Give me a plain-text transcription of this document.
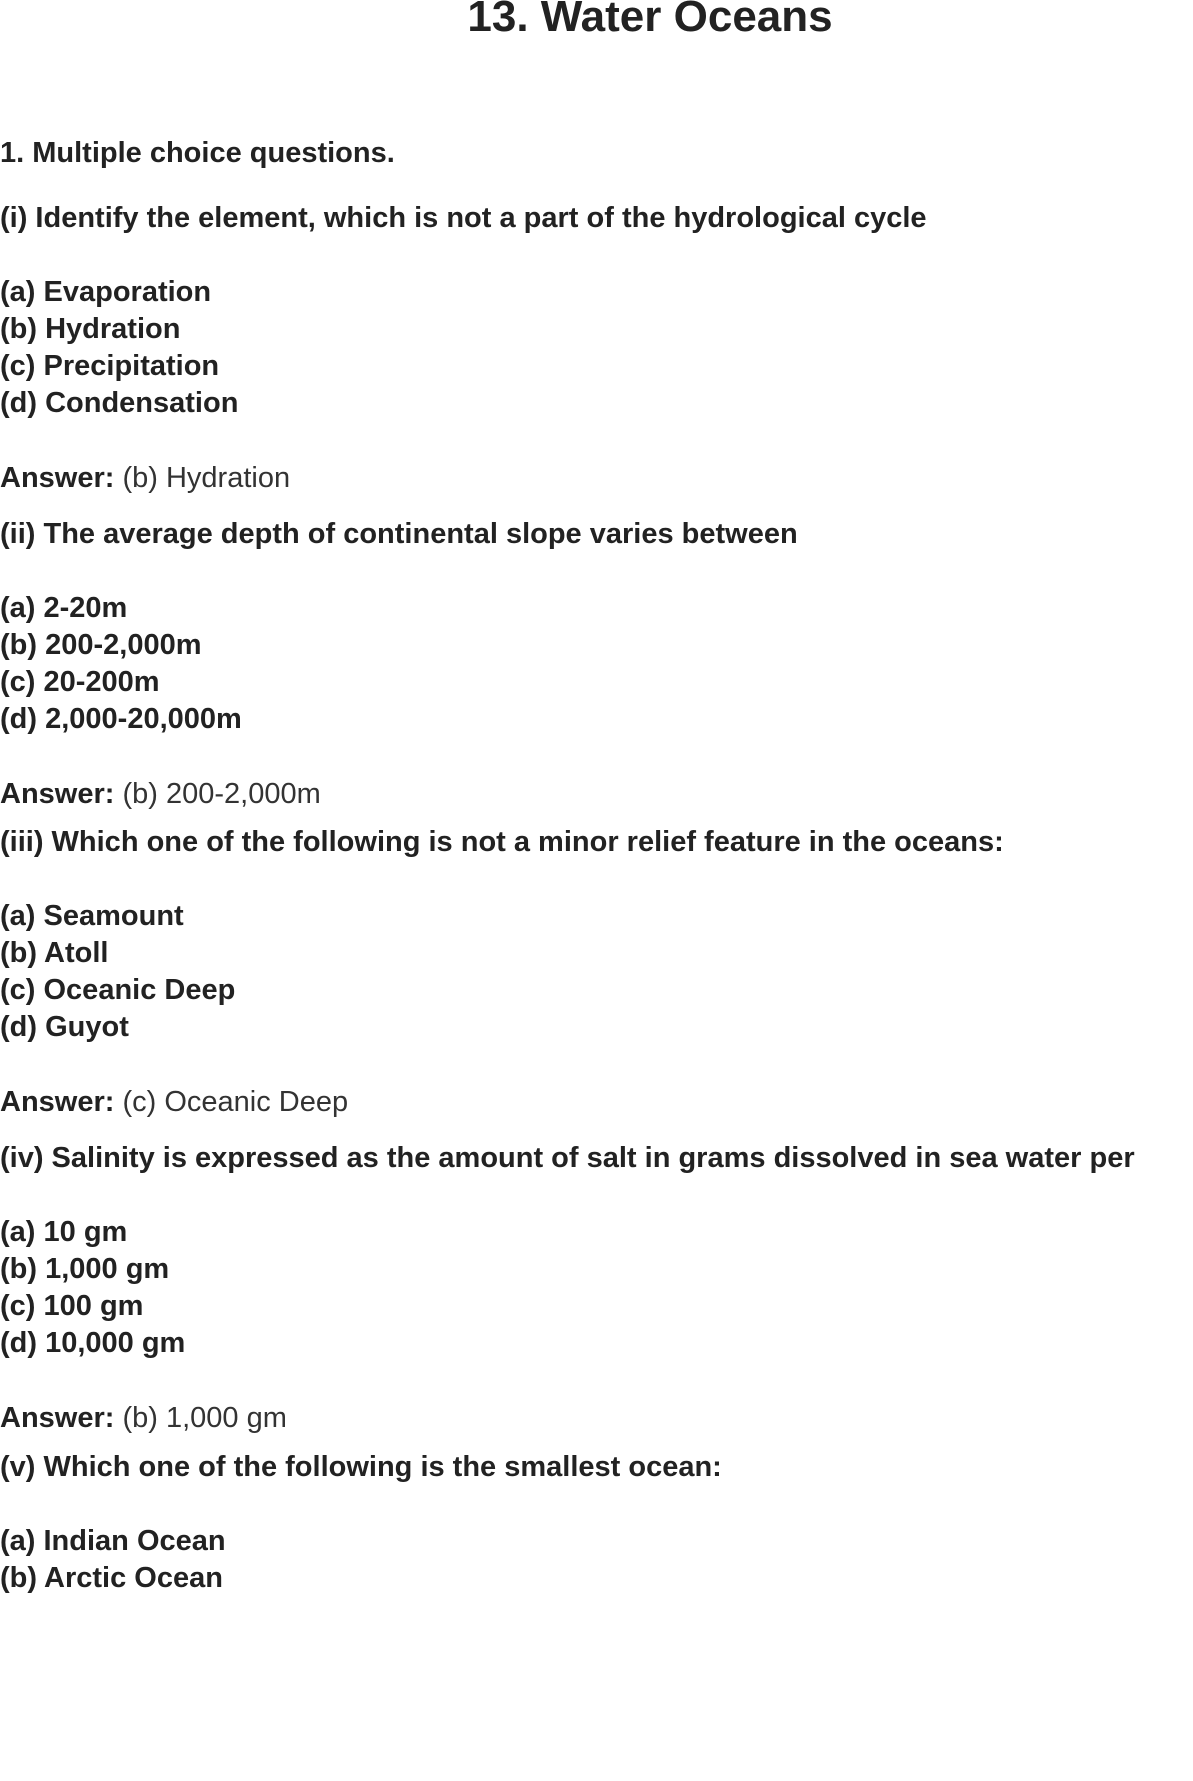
13. Water Oceans
1. Multiple choice questions.
(i) Identify the element, which is not a part of the hydrological cycle
(a) Evaporation
(b) Hydration
(c) Precipitation
(d) Condensation
Answer: (b) Hydration
(ii) The average depth of continental slope varies between
(a) 2-20m
(b) 200-2,000m
(c) 20-200m
(d) 2,000-20,000m
Answer: (b) 200-2,000m
(iii) Which one of the following is not a minor relief feature in the oceans:
(a) Seamount
(b) Atoll
(c) Oceanic Deep
(d) Guyot
Answer: (c) Oceanic Deep
(iv) Salinity is expressed as the amount of salt in grams dissolved in sea water per
(a) 10 gm
(b) 1,000 gm
(c) 100 gm
(d) 10,000 gm
Answer: (b) 1,000 gm
(v) Which one of the following is the smallest ocean:
(a) Indian Ocean
(b) Arctic Ocean
